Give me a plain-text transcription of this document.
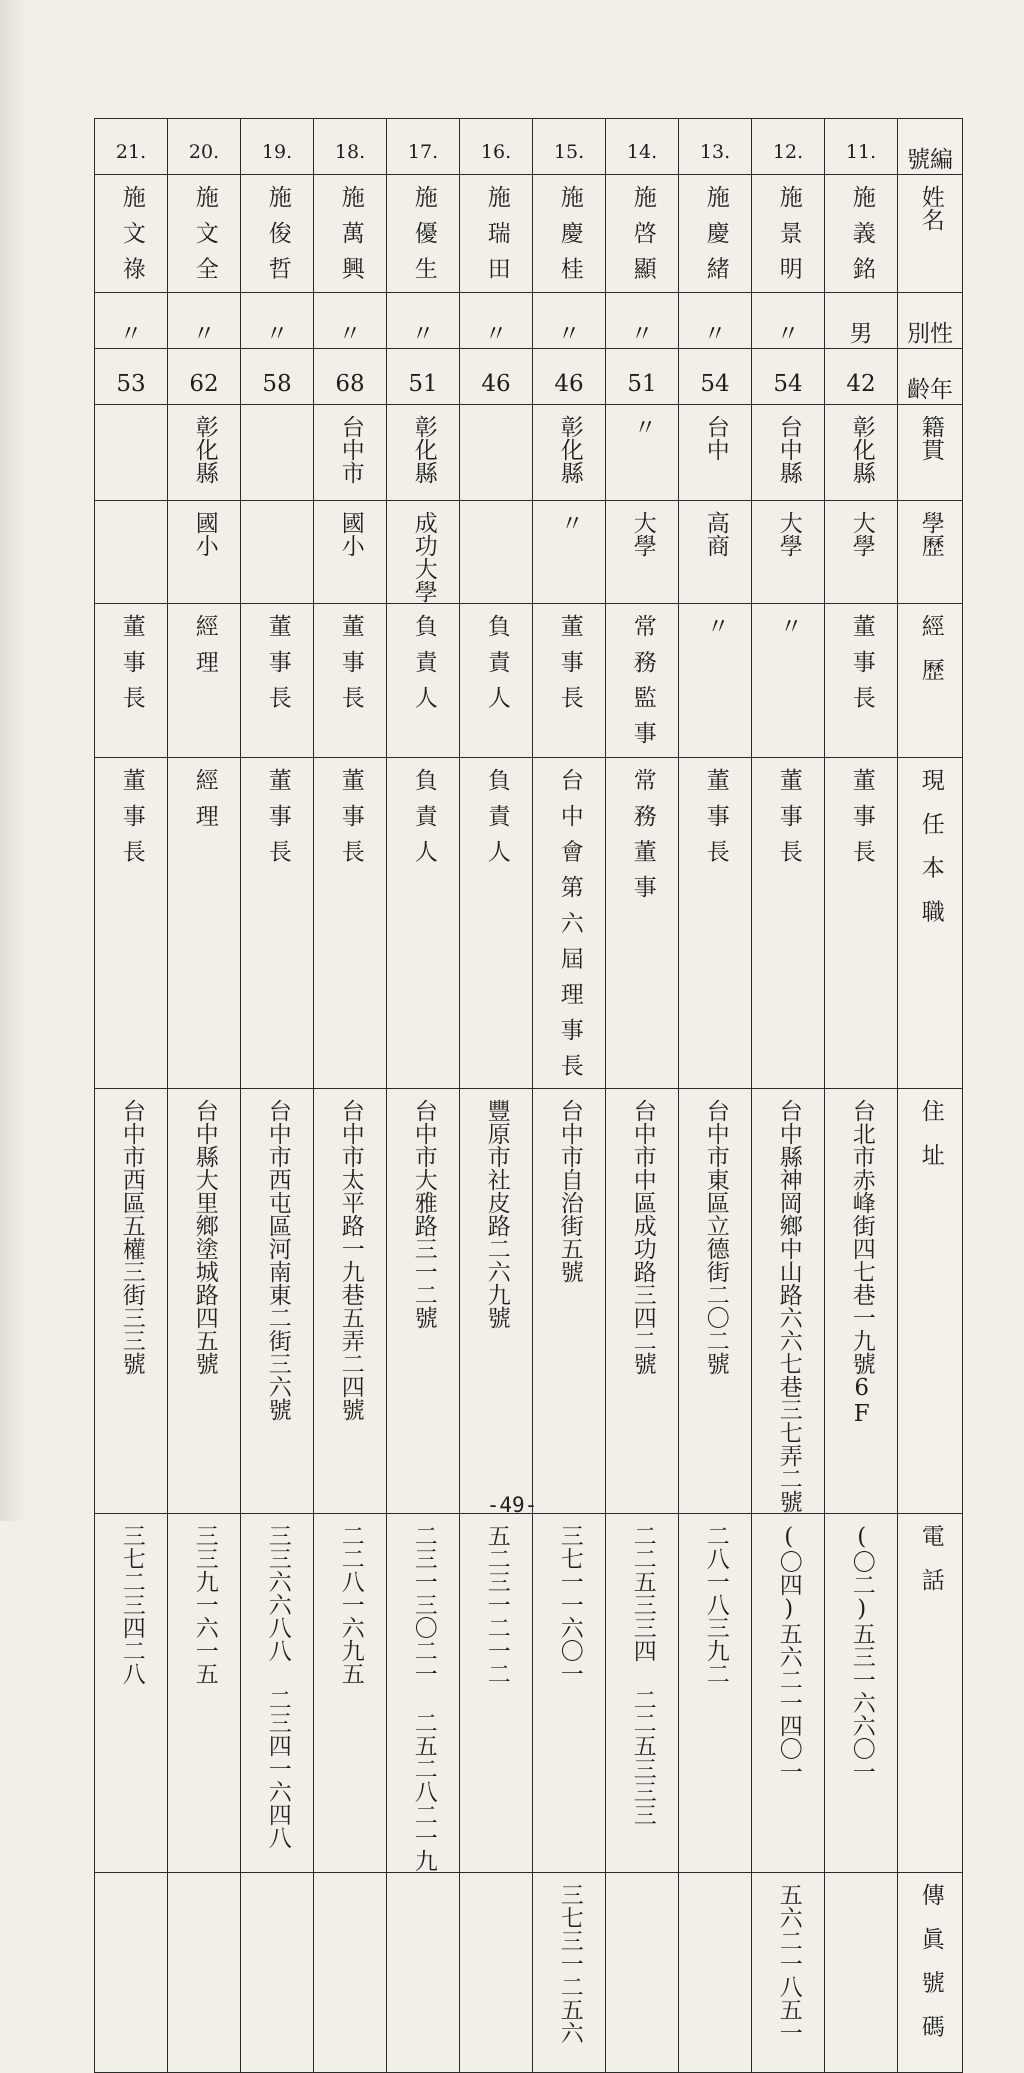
21.	20.	19.	18.	17.	16.	15.	14.	13.	12.	11.	號編

施文祿	施文全	施俊哲	施萬興	施優生	施瑞田	施慶桂	施啓顯	施慶緒	施景明	施義銘	姓名

〃	〃	〃	〃	〃	〃	〃	〃	〃	〃	男	別性

53	62	58	68	51	46	46	51	54	54	42	齡年

	彰化縣		台中市	彰化縣		彰化縣	〃	台中	台中縣	彰化縣	籍貫

	國小		國小	成功大學		〃	大學	高商	大學	大學	學歷

董事長	經理	董事長	董事長	負責人	負責人	董事長	常務監事	〃	〃	董事長	經歷

董事長	經理	董事長	董事長	負責人	負責人	台中會第六屆理事長	常務董事	董事長	董事長	董事長	現任本職

台中市西區五權三街三三號	台中縣大里鄉塗城路四五號	台中市西屯區河南東二街三六號	台中市太平路一九巷五弄二四號	台中市大雅路三一二號	豐原市社皮路二六九號	台中市自治街五號	台中市中區成功路三四二號	台中市東區立德街二〇二號	台中縣神岡鄉中山路六六七巷三七弄二號	台北市赤峰街四七巷一九號6F	住址

三七二三四二八	三三九一六一五	三三六六八八 二三四一六四八	二二八一六九五	二三一三〇二一 二五二八二一九	五二三一二一二	三七一一六〇一	二二五三三四 二二五三三三	二八一八三九二	(〇四)五六二一四〇一	(〇二)五三一六六〇一	電話

						三七三一二五六			五六二一八五一		傳眞號碼
-49-
